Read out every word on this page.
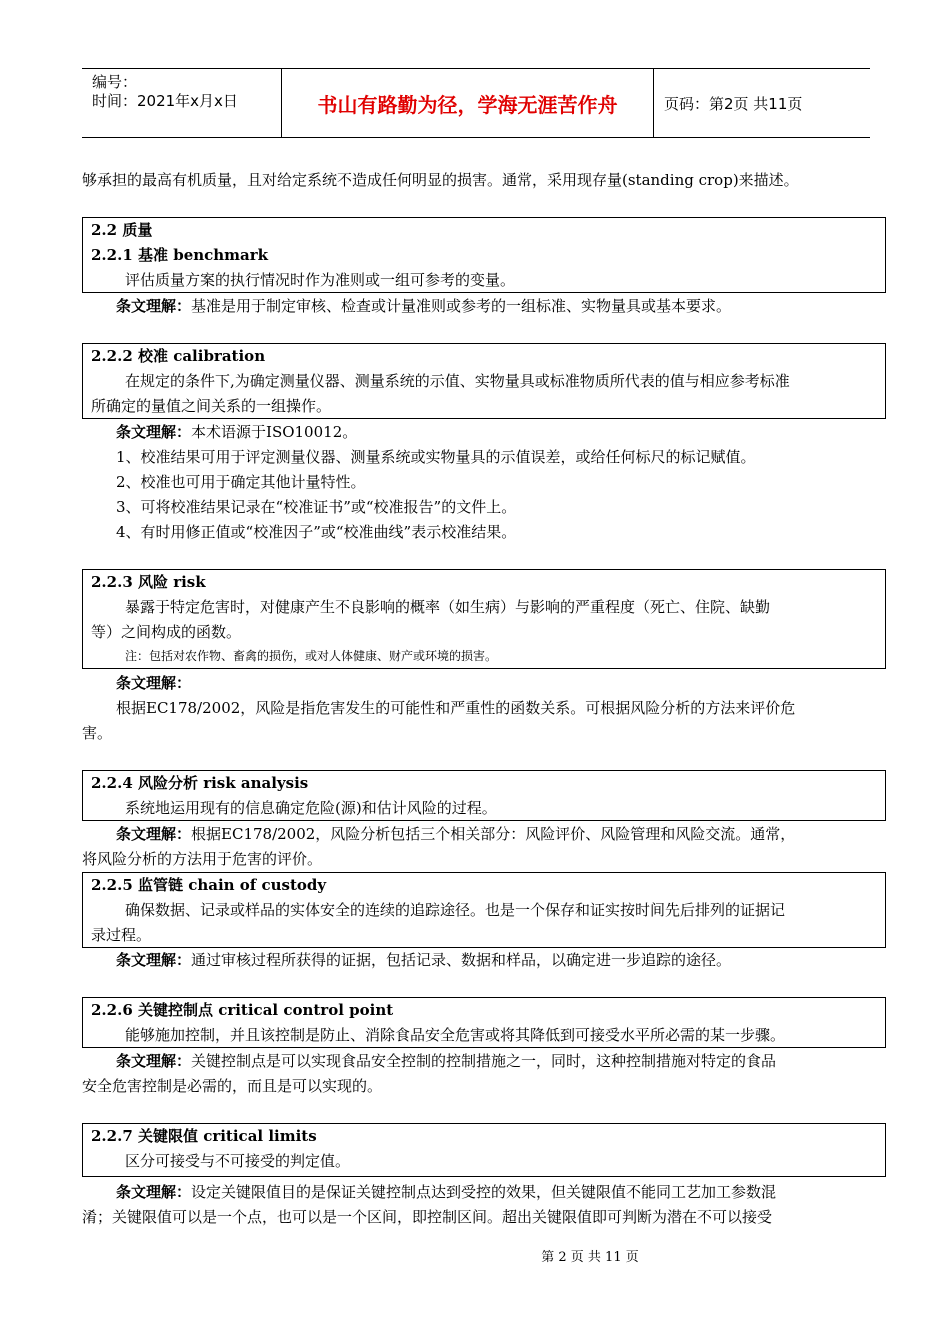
编号：
时间：2021年x月x日	书山有路勤为径，学海无涯苦作舟	页码：第2页 共11页
够承担的最高有机质量，且对给定系统不造成任何明显的损害。通常，采用现存量(standing crop)来描述。
2.2 质量
2.2.1 基准 benchmark
评估质量方案的执行情况时作为准则或一组可参考的变量。
条文理解：基准是用于制定审核、检查或计量准则或参考的一组标准、实物量具或基本要求。
2.2.2 校准 calibration
在规定的条件下,为确定测量仪器、测量系统的示值、实物量具或标准物质所代表的值与相应参考标准
所确定的量值之间关系的一组操作。
条文理解：本术语源于ISO10012。
1、校准结果可用于评定测量仪器、测量系统或实物量具的示值误差，或给任何标尺的标记赋值。
2、校准也可用于确定其他计量特性。
3、可将校准结果记录在“校准证书”或“校准报告”的文件上。
4、有时用修正值或“校准因子”或“校准曲线”表示校准结果。
2.2.3 风险 risk
暴露于特定危害时，对健康产生不良影响的概率（如生病）与影响的严重程度（死亡、住院、缺勤
等）之间构成的函数。
注：包括对农作物、畜禽的损伤，或对人体健康、财产或环境的损害。
条文理解：
根据EC178/2002，风险是指危害发生的可能性和严重性的函数关系。可根据风险分析的方法来评价危
害。
2.2.4 风险分析 risk analysis
系统地运用现有的信息确定危险(源)和估计风险的过程。
条文理解：根据EC178/2002，风险分析包括三个相关部分：风险评价、风险管理和风险交流。通常，
将风险分析的方法用于危害的评价。
2.2.5 监管链 chain of custody
确保数据、记录或样品的实体安全的连续的追踪途径。也是一个保存和证实按时间先后排列的证据记
录过程。
条文理解：通过审核过程所获得的证据，包括记录、数据和样品，以确定进一步追踪的途径。
2.2.6 关键控制点 critical control point
能够施加控制，并且该控制是防止、消除食品安全危害或将其降低到可接受水平所必需的某一步骤。
条文理解：关键控制点是可以实现食品安全控制的控制措施之一，同时，这种控制措施对特定的食品
安全危害控制是必需的，而且是可以实现的。
2.2.7 关键限值 critical limits
区分可接受与不可接受的判定值。
条文理解：设定关键限值目的是保证关键控制点达到受控的效果，但关键限值不能同工艺加工参数混
淆；关键限值可以是一个点，也可以是一个区间，即控制区间。超出关键限值即可判断为潜在不可以接受
第 2 页 共 11 页
